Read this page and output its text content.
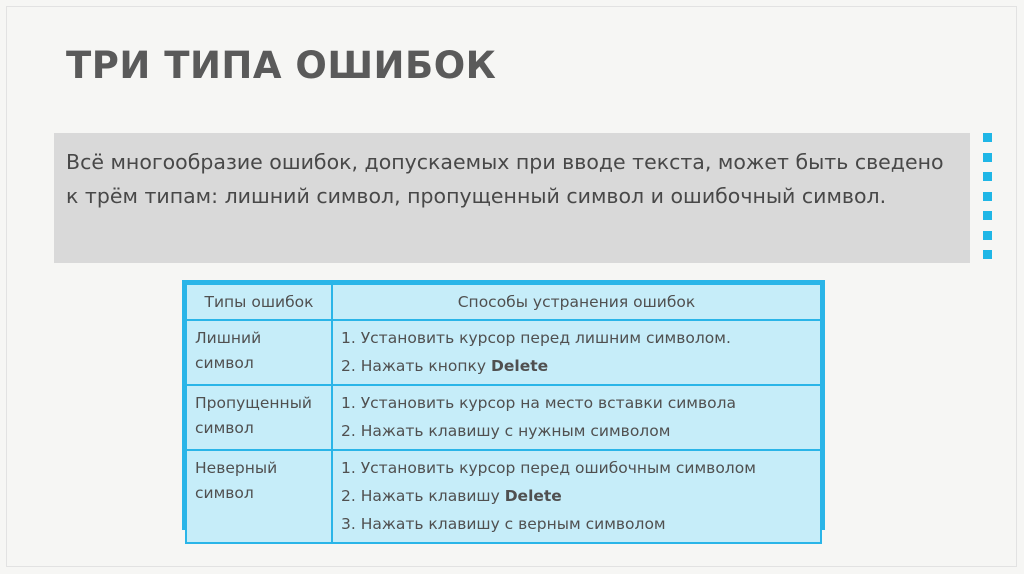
ТРИ ТИПА ОШИБОК

Всё многообразие ошибок, допускаемых при вводе текста, может быть сведено к трём типам: лишний символ, пропущенный символ и ошибочный символ.

Типы ошибок	Способы устранения ошибок
Лишний символ	1. Установить курсор перед лишним символом.
2. Нажать кнопку Delete

Пропущенный символ	1. Установить курсор на место вставки символа
2. Нажать клавишу с нужным символом

Неверный символ	1. Установить курсор перед ошибочным символом
2. Нажать клавишу Delete
3. Нажать клавишу с верным символом
